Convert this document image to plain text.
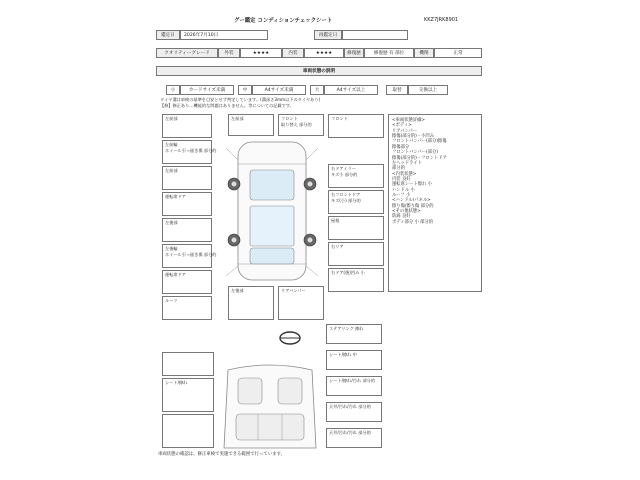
グー鑑定 コンディションチェックシート	KKZ7JRK8901
鑑定日	2026年7月10日	再鑑定日
クオリティーグレード	外装	★★★★	内装	★★★★	修復歴	修復歴 有 部位	機関	正常
車両状態の説明
小	カードサイズ未満	中	A4サイズ未満	大	A4サイズ以上	取替	交換以上
タイヤ溝は車検の基準を目安とせず判定しています。(溝深さ3mm以下のタイヤあり)
【修】修正あり…機能的な問題はありません。等についての記載です。
左前部
左前輪
ホイール引っ掻き傷 部分的
左前部
運転席ドア
左後部
左後輪
ホイール引っ掻き傷 部分的
運転席ドア
ルーフ
左前部	フロント
取り替え 部分的
フロント
右ドアミラー
キズ小 部分的
右フロントドア
キズ(小) 部分的
屋根
右リア
右ドア(後)凹み 小
左後部	リアバンパー
<車両状態詳細>
<ボディ>
リアバンパー
擦傷(部分的)・小凹み
フロントバンパー(部分)擦傷
擦傷部分
フロントバンパー(部分)
擦傷(部分的)・フロントドア
左ヘッドライト
部分的
<内装状態>
内装 良好
運転席シート擦れ 小
ハンドル 小
ルーフ 小
<ハンドル/パネル>
擦り傷/擦り傷 部分的
<その他状態>
防滴 良好
ボディ部分 小 部分的
ステアリング 擦れ
シート/擦れ 中
シート/擦れ/汚れ 部分的
天井/汚れ/汚れ 部分的
天井/汚れ/汚れ 部分的
シート/擦れ
車両状態の確認は、修正車検で実施できる範囲で行っています。
